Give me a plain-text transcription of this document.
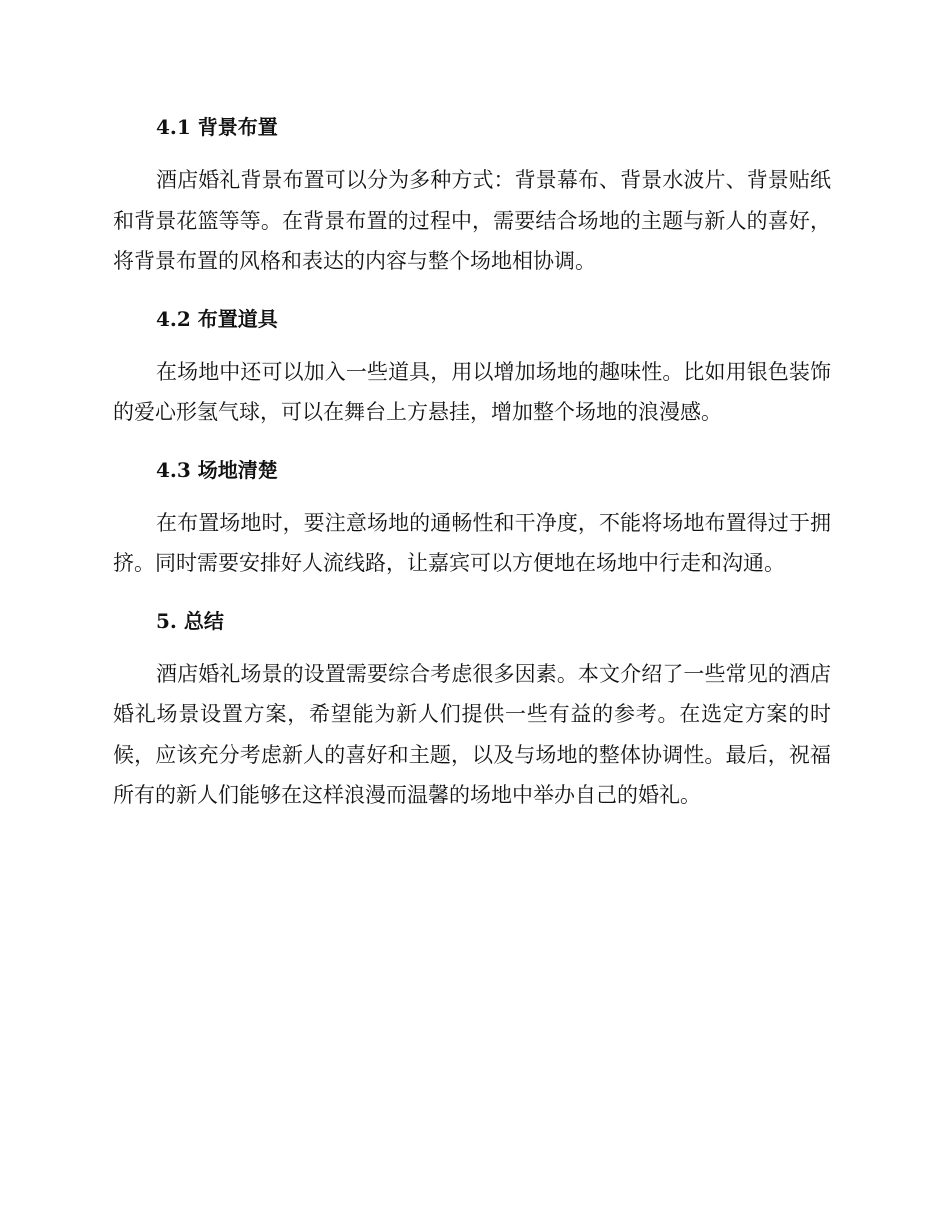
4.1 背景布置

酒店婚礼背景布置可以分为多种方式：背景幕布、背景水波片、背景贴纸和背景花篮等等。在背景布置的过程中，需要结合场地的主题与新人的喜好，将背景布置的风格和表达的内容与整个场地相协调。

4.2 布置道具

在场地中还可以加入一些道具，用以增加场地的趣味性。比如用银色装饰的爱心形氢气球，可以在舞台上方悬挂，增加整个场地的浪漫感。

4.3 场地清楚

在布置场地时，要注意场地的通畅性和干净度，不能将场地布置得过于拥挤。同时需要安排好人流线路，让嘉宾可以方便地在场地中行走和沟通。

5. 总结

酒店婚礼场景的设置需要综合考虑很多因素。本文介绍了一些常见的酒店婚礼场景设置方案，希望能为新人们提供一些有益的参考。在选定方案的时候，应该充分考虑新人的喜好和主题，以及与场地的整体协调性。最后，祝福所有的新人们能够在这样浪漫而温馨的场地中举办自己的婚礼。
